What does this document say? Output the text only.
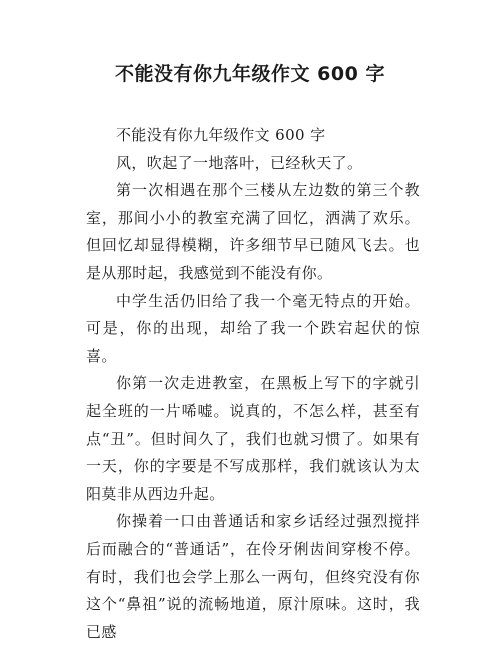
不能没有你九年级作文 600 字

不能没有你九年级作文 600 字

风，吹起了一地落叶，已经秋天了。

第一次相遇在那个三楼从左边数的第三个教室，那间小小的教室充满了回忆，洒满了欢乐。但回忆却显得模糊，许多细节早已随风飞去。也是从那时起，我感觉到不能没有你。

中学生活仍旧给了我一个毫无特点的开始。可是，你的出现，却给了我一个跌宕起伏的惊喜。

你第一次走进教室，在黑板上写下的字就引起全班的一片唏嘘。说真的，不怎么样，甚至有点“丑”。但时间久了，我们也就习惯了。如果有一天，你的字要是不写成那样，我们就该认为太阳莫非从西边升起。

你操着一口由普通话和家乡话经过强烈搅拌后而融合的“普通话”，在伶牙俐齿间穿梭不停。有时，我们也会学上那么一两句，但终究没有你这个“鼻祖”说的流畅地道，原汁原味。这时，我已感
